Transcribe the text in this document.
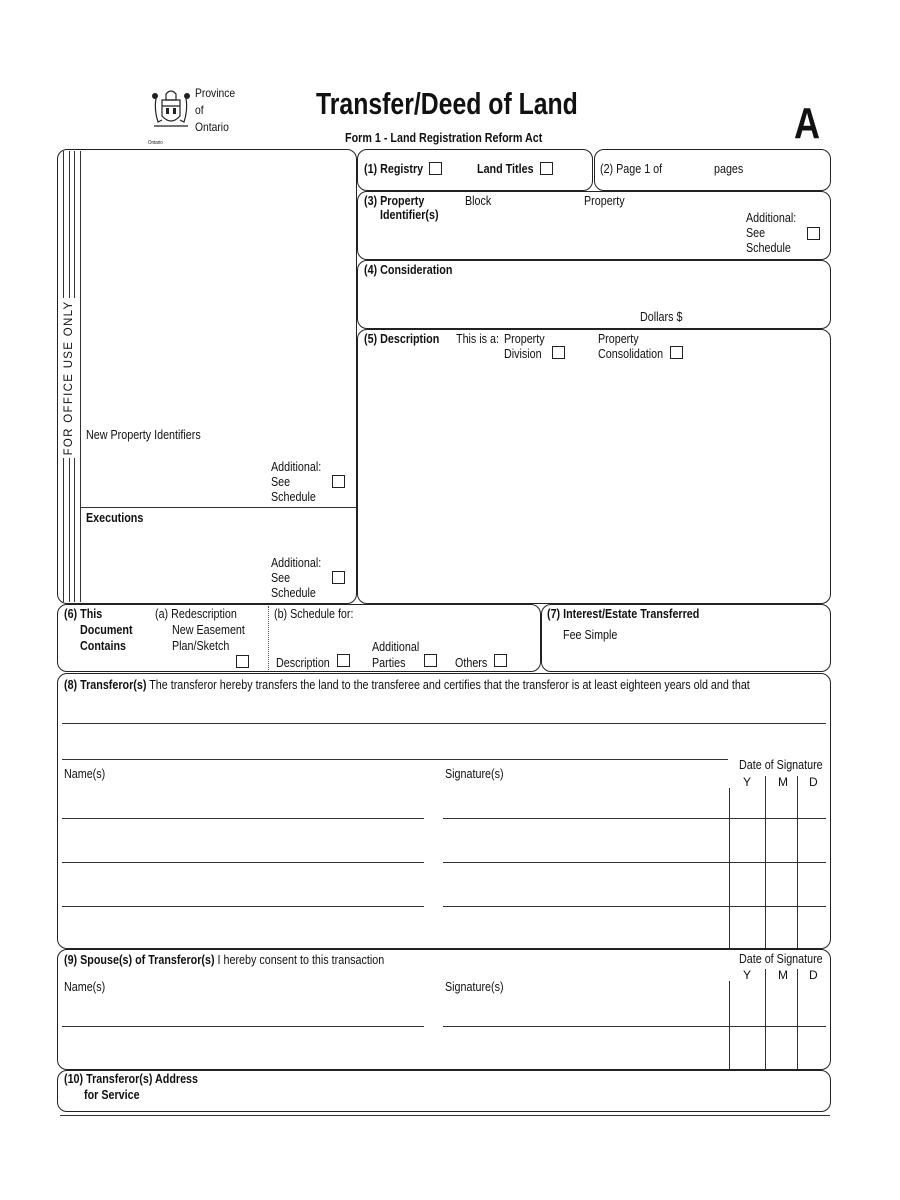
Ontario
Province
of
Ontario
Transfer/Deed of Land
Form 1 - Land Registration Reform Act	A
FOR OFFICE USE ONLY New Property Identifiers
Additional:
See
Schedule
Executions
Additional:
See
Schedule
(1) Registry	Land Titles	(2) Page 1 of	pages
(3) Property
Identifier(s)
Block	Property
Additional:
See
Schedule
(4) Consideration
Dollars $
(5) Description This is a: Property
Division
Property
Consolidation
(6) This
Document
Contains
(a) Redescription
New Easement
Plan/Sketch
(b) Schedule for:
Description
Additional
Parties	Others
(7) Interest/Estate Transferred
Fee Simple
(8) Transferor(s) The transferor hereby transfers the land to the transferee and certifies that the transferor is at least eighteen years old and that
Name(s)	Signature(s)
Date of Signature
Y M D
(9) Spouse(s) of Transferor(s) I hereby consent to this transaction
Name(s)	Signature(s)
Date of Signature
Y M D
(10) Transferor(s) Address
for Service
